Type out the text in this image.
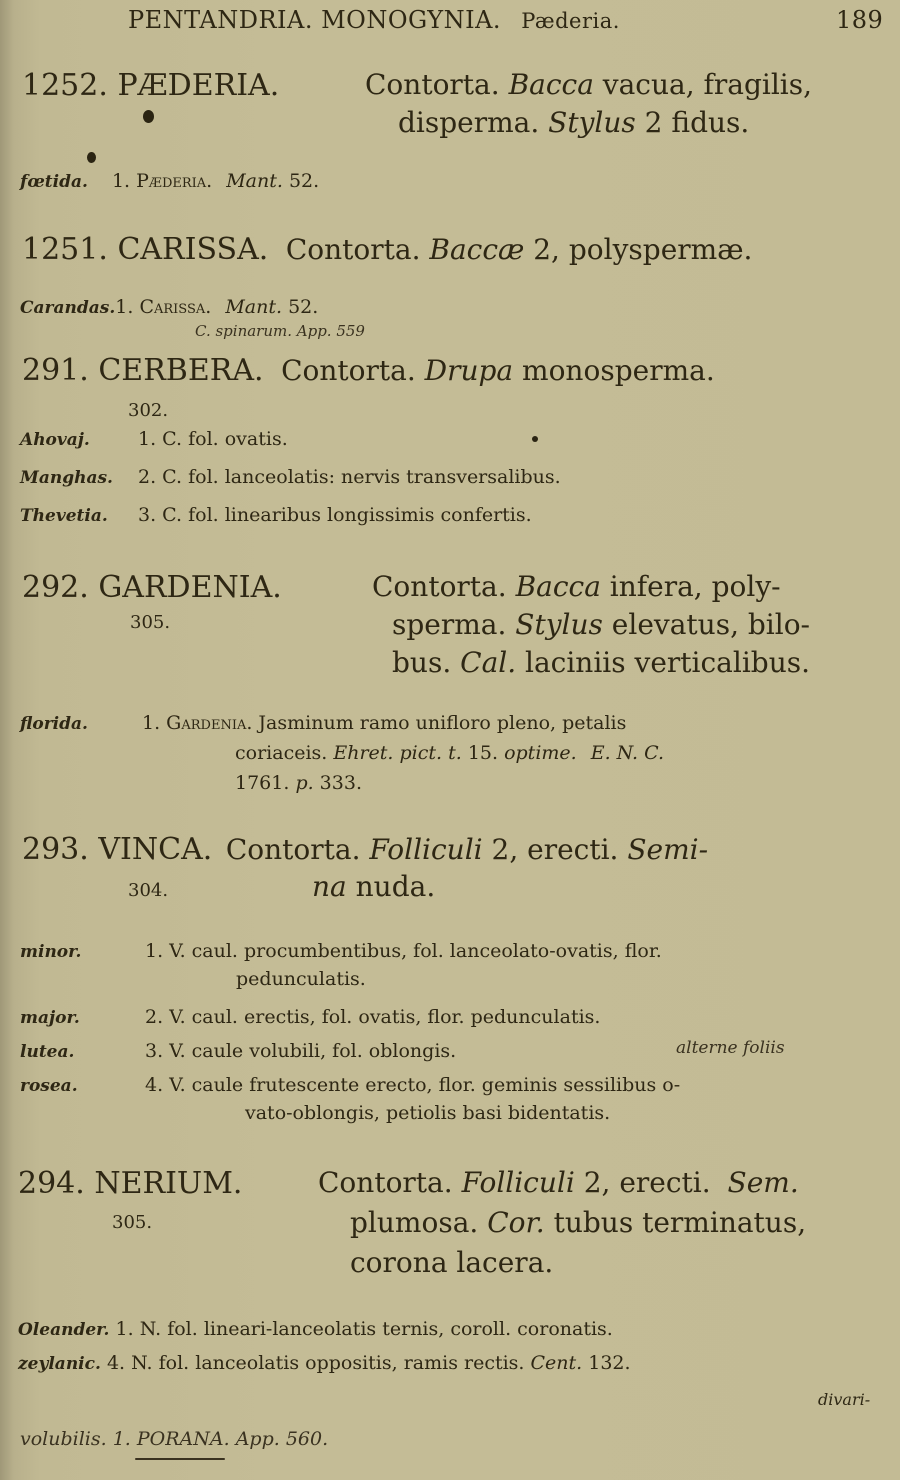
PENTANDRIA. MONOGYNIA. Pæderia.	189
1252. PÆDERIA.	Contorta. Bacca vacua, fragilis,
disperma. Stylus 2 fidus.
fœtida. 1. Pæderia. Mant. 52.
1251. CARISSA. Contorta. Baccæ 2, polyspermæ.
Carandas.1. Carissa. Mant. 52.
C. spinarum. App. 559
291. CERBERA. Contorta. Drupa monosperma.
302.
Ahovaj.	1. C. fol. ovatis.
Manghas. 2. C. fol. lanceolatis: nervis transversalibus.
Thevetia. 3. C. fol. linearibus longissimis confertis.
292. GARDENIA.	Contorta. Bacca infera, poly-
305.	sperma. Stylus elevatus, bilo-
bus. Cal. laciniis verticalibus.
florida.	1. Gardenia. Jasminum ramo unifloro pleno, petalis
coriaceis. Ehret. pict. t. 15. optime. E. N. C.
1761. p. 333.
293. VINCA. Contorta. Folliculi 2, erecti. Semi-
304.	na nuda.
minor.	1. V. caul. procumbentibus, fol. lanceolato-ovatis, flor.
pedunculatis.
major.	2. V. caul. erectis, fol. ovatis, flor. pedunculatis.
lutea.	3. V. caule volubili, fol. oblongis.	alterne foliis
rosea.	4. V. caule frutescente erecto, flor. geminis sessilibus o-
vato-oblongis, petiolis basi bidentatis.
294. NERIUM.	Contorta. Folliculi 2, erecti. Sem.
305.	plumosa. Cor. tubus terminatus,
corona lacera.
Oleander. 1. N. fol. lineari-lanceolatis ternis, coroll. coronatis.
zeylanic. 4. N. fol. lanceolatis oppositis, ramis rectis. Cent. 132.
divari-
volubilis. 1. PORANA. App. 560.
